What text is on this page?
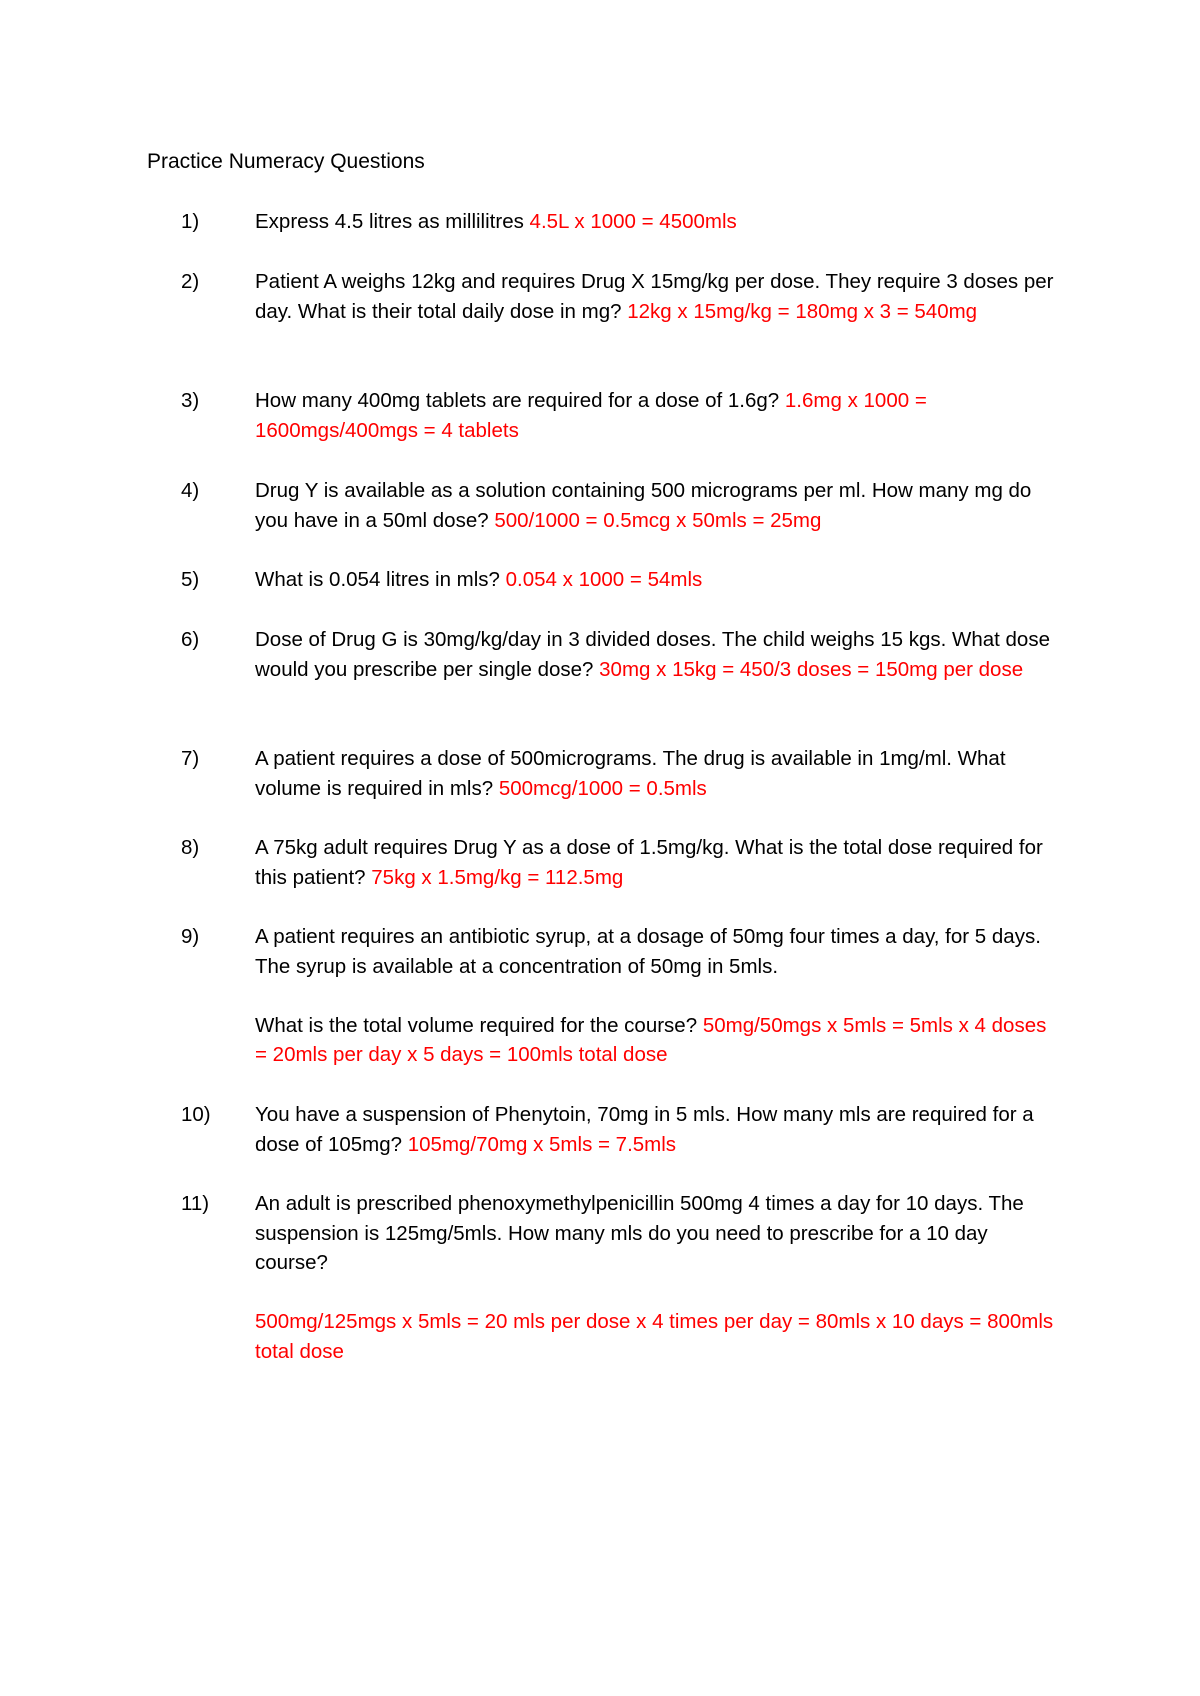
Practice Numeracy Questions
1)	Express 4.5 litres as millilitres 4.5L x 1000 = 4500mls
2)	Patient A weighs 12kg and requires Drug X 15mg/kg per dose. They require 3 doses per day. What is their total daily dose in mg? 12kg x 15mg/kg = 180mg x 3 = 540mg
3)	How many 400mg tablets are required for a dose of 1.6g? 1.6mg x 1000 = 1600mgs/400mgs = 4 tablets
4)	Drug Y is available as a solution containing 500 micrograms per ml. How many mg do you have in a 50ml dose? 500/1000 = 0.5mcg x 50mls = 25mg
5)	What is 0.054 litres in mls? 0.054 x 1000 = 54mls
6)	Dose of Drug G is 30mg/kg/day in 3 divided doses. The child weighs 15 kgs. What dose would you prescribe per single dose? 30mg x 15kg = 450/3 doses = 150mg per dose
7)	A patient requires a dose of 500micrograms. The drug is available in 1mg/ml. What volume is required in mls? 500mcg/1000 = 0.5mls
8)	A 75kg adult requires Drug Y as a dose of 1.5mg/kg. What is the total dose required for this patient? 75kg x 1.5mg/kg = 112.5mg
9)	A patient requires an antibiotic syrup, at a dosage of 50mg four times a day, for 5 days. The syrup is available at a concentration of 50mg in 5mls.
What is the total volume required for the course? 50mg/50mgs x 5mls = 5mls x 4 doses = 20mls per day x 5 days = 100mls total dose
10) You have a suspension of Phenytoin, 70mg in 5 mls. How many mls are required for a dose of 105mg? 105mg/70mg x 5mls = 7.5mls
11) An adult is prescribed phenoxymethylpenicillin 500mg 4 times a day for 10 days. The suspension is 125mg/5mls. How many mls do you need to prescribe for a 10 day course?
500mg/125mgs x 5mls = 20 mls per dose x 4 times per day = 80mls x 10 days = 800mls total dose
